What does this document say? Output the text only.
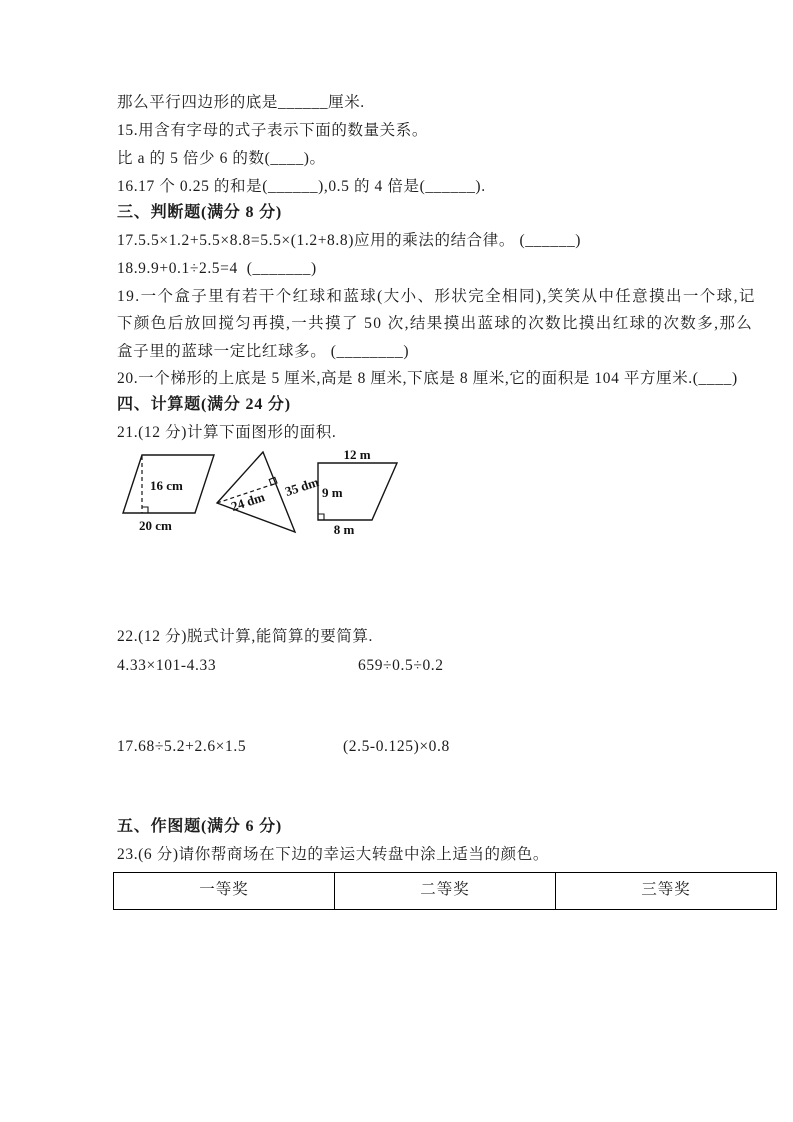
那么平行四边形的底是______厘米.
15.用含有字母的式子表示下面的数量关系。
比 a 的 5 倍少 6 的数(____)。
16.17 个 0.25 的和是(______),0.5 的 4 倍是(______).
三、判断题(满分 8 分)
17.5.5×1.2+5.5×8.8=5.5×(1.2+8.8)应用的乘法的结合律。 (______)
18.9.9+0.1÷2.5=4  (_______)
19.一个盒子里有若干个红球和蓝球(大小、形状完全相同),笑笑从中任意摸出一个球,记
下颜色后放回搅匀再摸,一共摸了 50 次,结果摸出蓝球的次数比摸出红球的次数多,那么
盒子里的蓝球一定比红球多。 (________)
20.一个梯形的上底是 5 厘米,高是 8 厘米,下底是 8 厘米,它的面积是 104 平方厘米.(____)
四、计算题(满分 24 分)
21.(12 分)计算下面图形的面积.
16 cm
20 cm
24 dm
35 dm
12 m
9 m
8 m
22.(12 分)脱式计算,能简算的要简算.
4.33×101-4.33	659÷0.5÷0.2
17.68÷5.2+2.6×1.5	(2.5-0.125)×0.8
五、作图题(满分 6 分)
23.(6 分)请你帮商场在下边的幸运大转盘中涂上适当的颜色。
一等奖	二等奖	三等奖
